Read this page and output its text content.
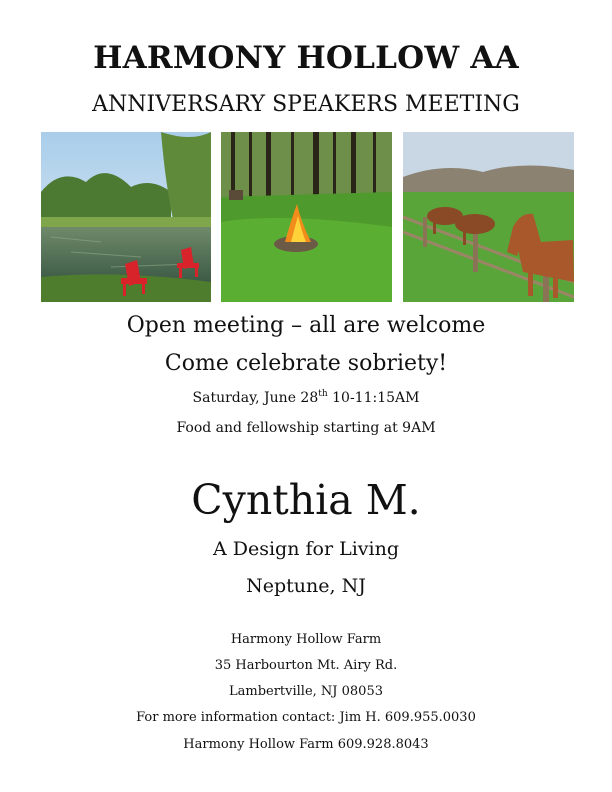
HARMONY HOLLOW AA
ANNIVERSARY SPEAKERS MEETING
Open meeting – all are welcome
Come celebrate sobriety!
Saturday, June 28th 10-11:15AM
Food and fellowship starting at 9AM
Cynthia M.
A Design for Living
Neptune, NJ
Harmony Hollow Farm
35 Harbourton Mt. Airy Rd.
Lambertville, NJ 08053
For more information contact: Jim H. 609.955.0030
Harmony Hollow Farm 609.928.8043
